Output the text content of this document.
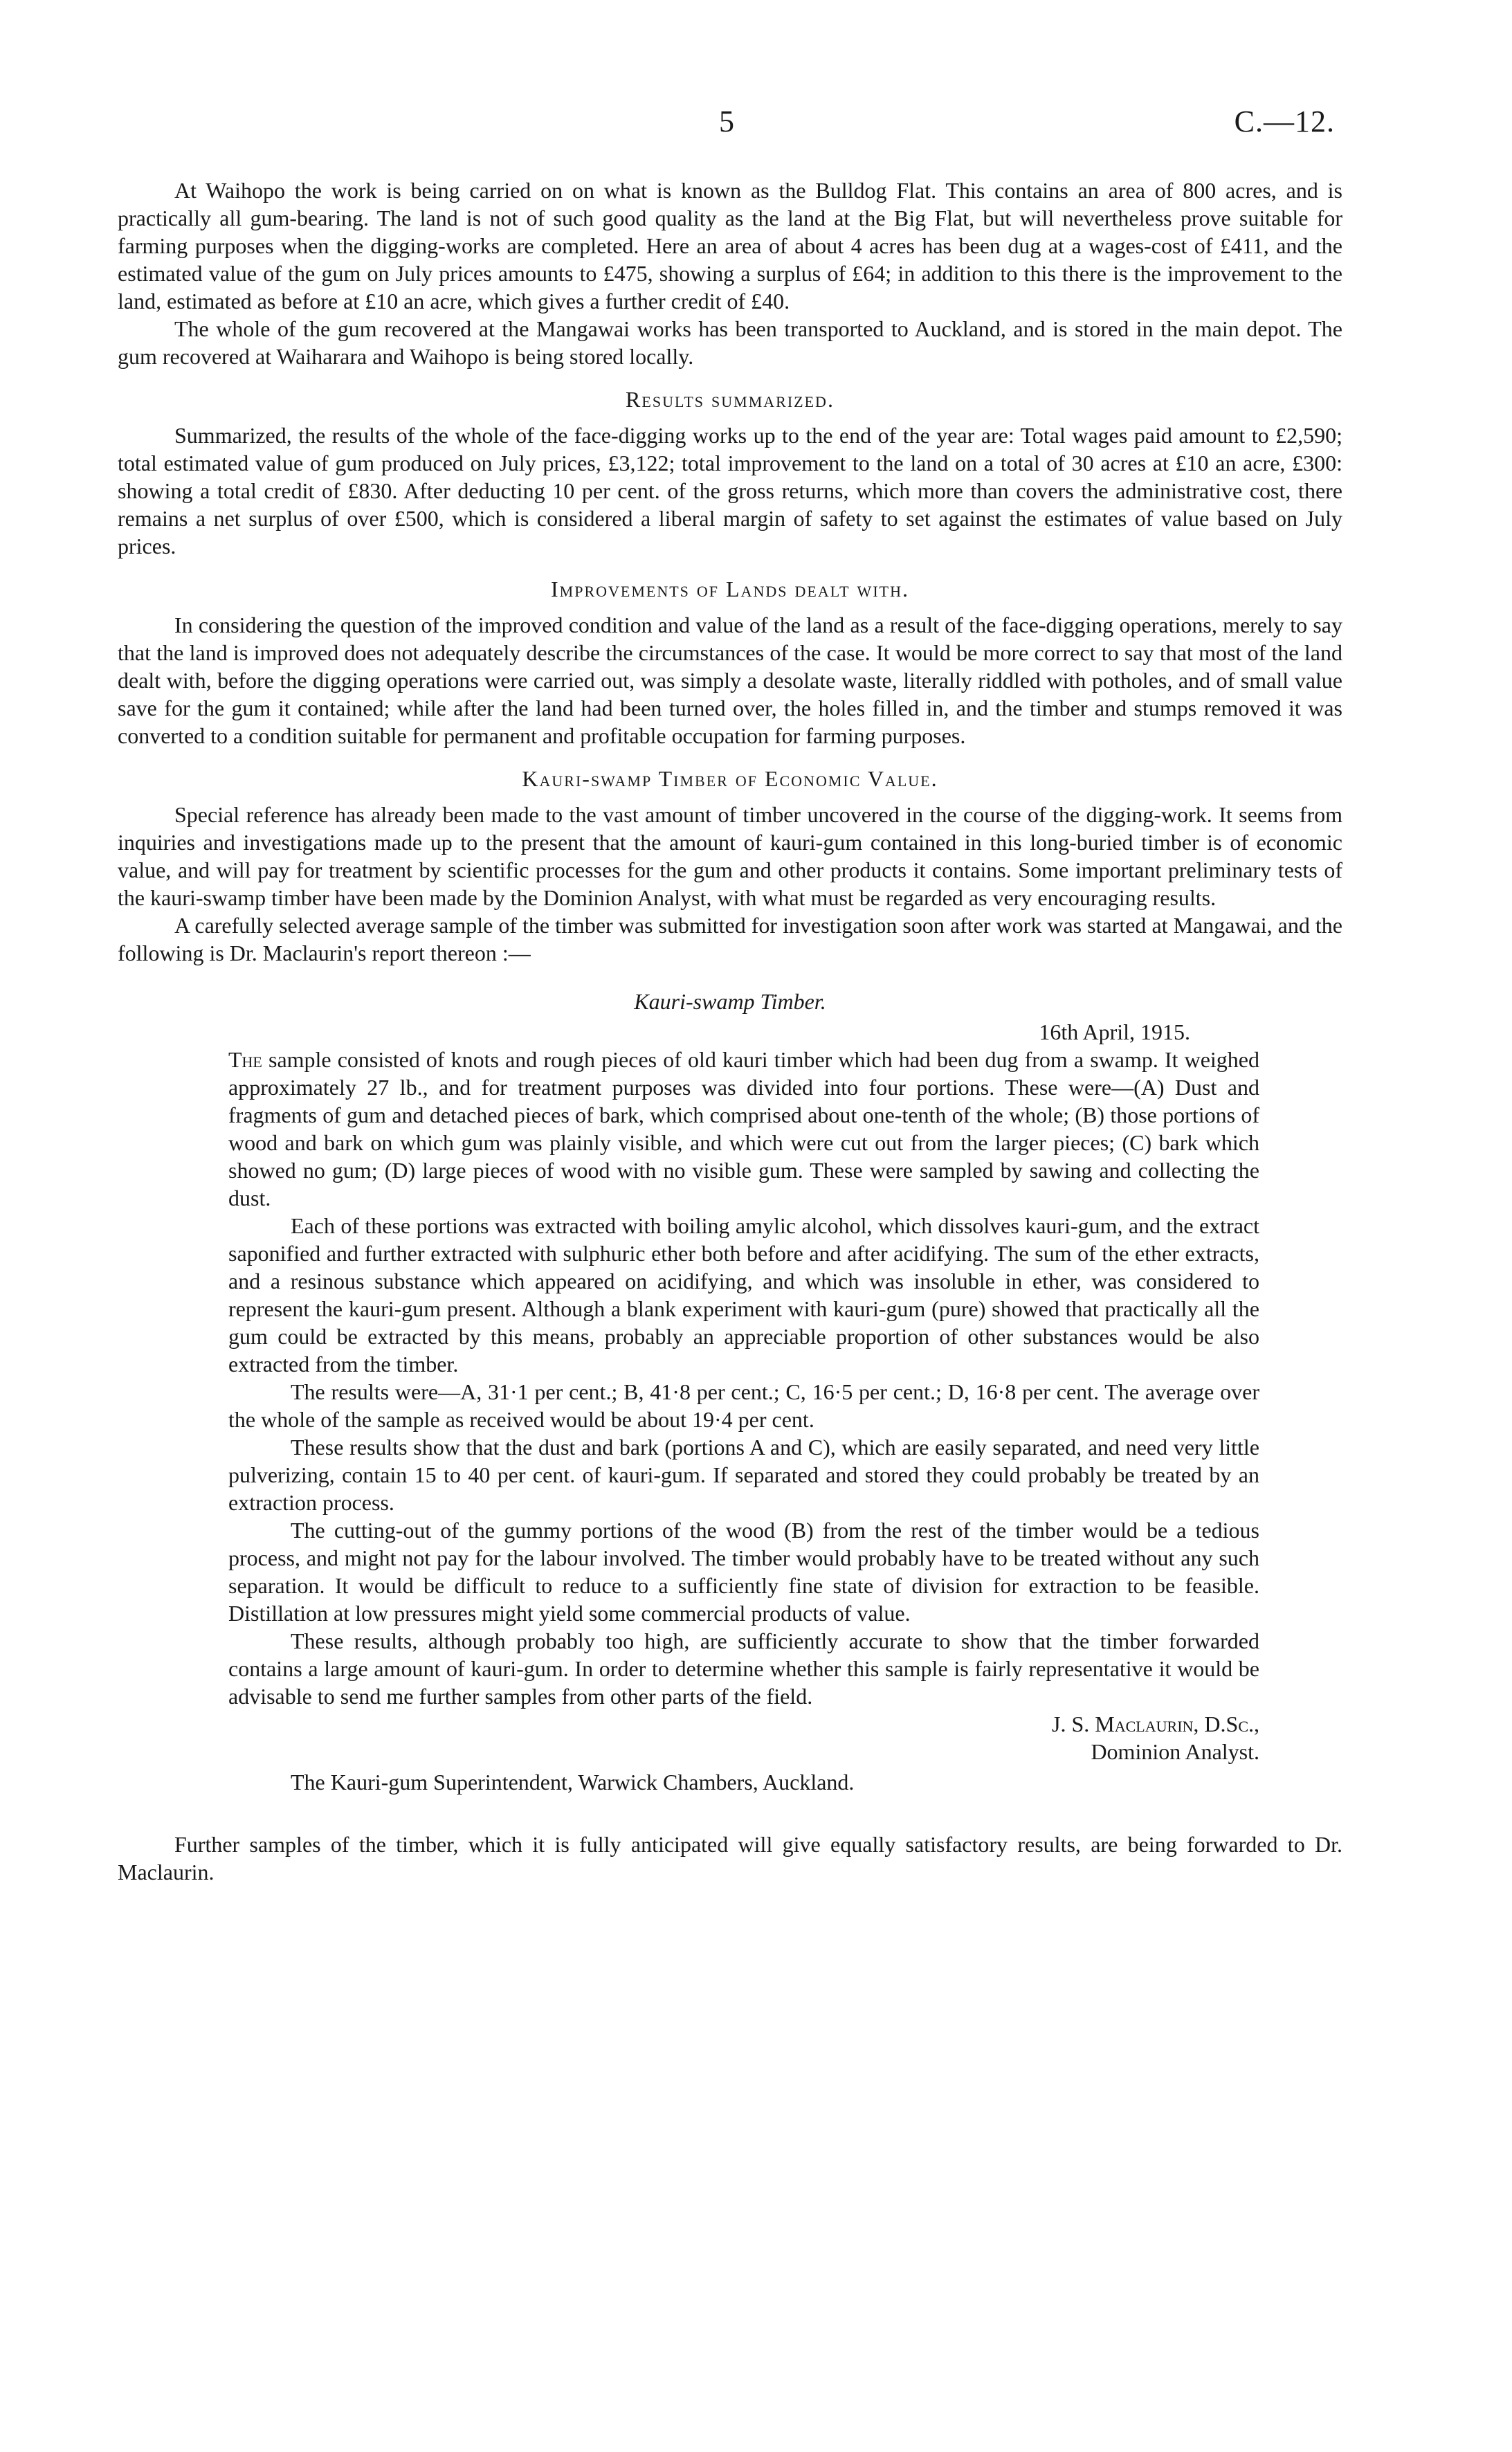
5	C.—12.

At Waihopo the work is being carried on on what is known as the Bulldog Flat. This contains an area of 800 acres, and is practically all gum-bearing. The land is not of such good quality as the land at the Big Flat, but will nevertheless prove suitable for farming purposes when the digging-works are completed. Here an area of about 4 acres has been dug at a wages-cost of £411, and the estimated value of the gum on July prices amounts to £475, showing a surplus of £64; in addition to this there is the improvement to the land, estimated as before at £10 an acre, which gives a further credit of £40.

The whole of the gum recovered at the Mangawai works has been transported to Auckland, and is stored in the main depot. The gum recovered at Waiharara and Waihopo is being stored locally.

Results summarized.

Summarized, the results of the whole of the face-digging works up to the end of the year are: Total wages paid amount to £2,590; total estimated value of gum produced on July prices, £3,122; total improvement to the land on a total of 30 acres at £10 an acre, £300: showing a total credit of £830. After deducting 10 per cent. of the gross returns, which more than covers the administrative cost, there remains a net surplus of over £500, which is considered a liberal margin of safety to set against the estimates of value based on July prices.

Improvements of Lands dealt with.

In considering the question of the improved condition and value of the land as a result of the face-digging operations, merely to say that the land is improved does not adequately describe the circumstances of the case. It would be more correct to say that most of the land dealt with, before the digging operations were carried out, was simply a desolate waste, literally riddled with potholes, and of small value save for the gum it contained; while after the land had been turned over, the holes filled in, and the timber and stumps removed it was converted to a condition suitable for permanent and profitable occupation for farming purposes.

Kauri-swamp Timber of Economic Value.

Special reference has already been made to the vast amount of timber uncovered in the course of the digging-work. It seems from inquiries and investigations made up to the present that the amount of kauri-gum contained in this long-buried timber is of economic value, and will pay for treatment by scientific processes for the gum and other products it contains. Some important preliminary tests of the kauri-swamp timber have been made by the Dominion Analyst, with what must be regarded as very encouraging results.

A carefully selected average sample of the timber was submitted for investigation soon after work was started at Mangawai, and the following is Dr. Maclaurin's report thereon :—

Kauri-swamp Timber.

16th April, 1915.

The sample consisted of knots and rough pieces of old kauri timber which had been dug from a swamp. It weighed approximately 27 lb., and for treatment purposes was divided into four portions. These were—(A) Dust and fragments of gum and detached pieces of bark, which comprised about one-tenth of the whole; (B) those portions of wood and bark on which gum was plainly visible, and which were cut out from the larger pieces; (C) bark which showed no gum; (D) large pieces of wood with no visible gum. These were sampled by sawing and collecting the dust.

Each of these portions was extracted with boiling amylic alcohol, which dissolves kauri-gum, and the extract saponified and further extracted with sulphuric ether both before and after acidifying. The sum of the ether extracts, and a resinous substance which appeared on acidifying, and which was insoluble in ether, was considered to represent the kauri-gum present. Although a blank experiment with kauri-gum (pure) showed that practically all the gum could be extracted by this means, probably an appreciable proportion of other substances would be also extracted from the timber.

The results were—A, 31·1 per cent.; B, 41·8 per cent.; C, 16·5 per cent.; D, 16·8 per cent. The average over the whole of the sample as received would be about 19·4 per cent.

These results show that the dust and bark (portions A and C), which are easily separated, and need very little pulverizing, contain 15 to 40 per cent. of kauri-gum. If separated and stored they could probably be treated by an extraction process.

The cutting-out of the gummy portions of the wood (B) from the rest of the timber would be a tedious process, and might not pay for the labour involved. The timber would probably have to be treated without any such separation. It would be difficult to reduce to a sufficiently fine state of division for extraction to be feasible. Distillation at low pressures might yield some commercial products of value.

These results, although probably too high, are sufficiently accurate to show that the timber forwarded contains a large amount of kauri-gum. In order to determine whether this sample is fairly representative it would be advisable to send me further samples from other parts of the field.

J. S. Maclaurin, D.Sc.,

Dominion Analyst.

The Kauri-gum Superintendent, Warwick Chambers, Auckland.

Further samples of the timber, which it is fully anticipated will give equally satisfactory results, are being forwarded to Dr. Maclaurin.
